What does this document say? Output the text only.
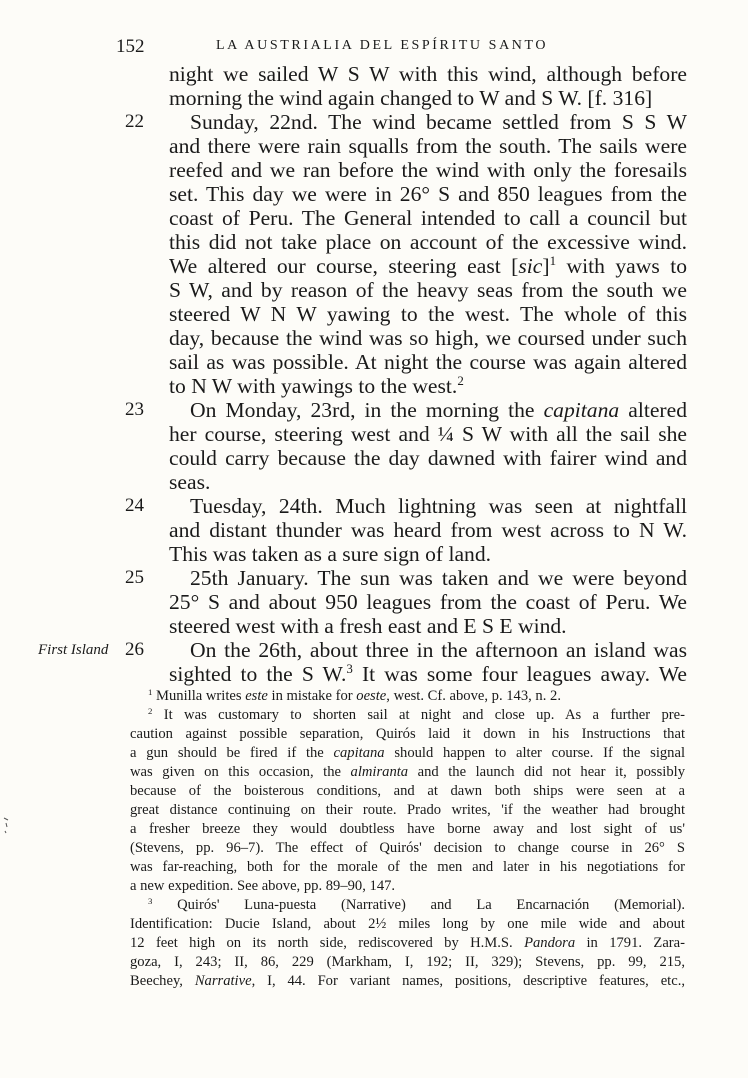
152	LA AUSTRIALIA DEL ESPÍRITU SANTO
22
23
24
25
First Island 26
night we sailed W S W with this wind, although before
morning the wind again changed to W and S W. [f. 316]
Sunday, 22nd. The wind became settled from S S W
and there were rain squalls from the south. The sails were
reefed and we ran before the wind with only the foresails
set. This day we were in 26° S and 850 leagues from the
coast of Peru. The General intended to call a council but
this did not take place on account of the excessive wind.
We altered our course, steering east [sic]$^1$ with yaws to
S W, and by reason of the heavy seas from the south we
steered W N W yawing to the west. The whole of this
day, because the wind was so high, we coursed under such
sail as was possible. At night the course was again altered
to N W with yawings to the west.$^2$
On Monday, 23rd, in the morning the capitana altered
her course, steering west and ¼ S W with all the sail she
could carry because the day dawned with fairer wind and
seas.
Tuesday, 24th. Much lightning was seen at nightfall
and distant thunder was heard from west across to N W.
This was taken as a sure sign of land.
25th January. The sun was taken and we were beyond
25° S and about 950 leagues from the coast of Peru. We
steered west with a fresh east and E S E wind.
On the 26th, about three in the afternoon an island was
sighted to the S W.$^3$ It was some four leagues away. We
$^1$ Munilla writes este in mistake for oeste, west. Cf. above, p. 143, n. 2.
$^2$ It was customary to shorten sail at night and close up. As a further pre-
caution against possible separation, Quirós laid it down in his Instructions that
a gun should be fired if the capitana should happen to alter course. If the signal
was given on this occasion, the almiranta and the launch did not hear it, possibly
because of the boisterous conditions, and at dawn both ships were seen at a
great distance continuing on their route. Prado writes, 'if the weather had brought
a fresher breeze they would doubtless have borne away and lost sight of us'
(Stevens, pp. 96–7). The effect of Quirós' decision to change course in 26° S
was far-reaching, both for the morale of the men and later in his negotiations for
a new expedition. See above, pp. 89–90, 147.
$^3$ Quirós' Luna-puesta (Narrative) and La Encarnación (Memorial).
Identification: Ducie Island, about 2½ miles long by one mile wide and about
12 feet high on its north side, rediscovered by H.M.S. Pandora in 1791. Zara-
goza, I, 243; II, 86, 229 (Markham, I, 192; II, 329); Stevens, pp. 99, 215,
Beechey, Narrative, I, 44. For variant names, positions, descriptive features, etc.,
